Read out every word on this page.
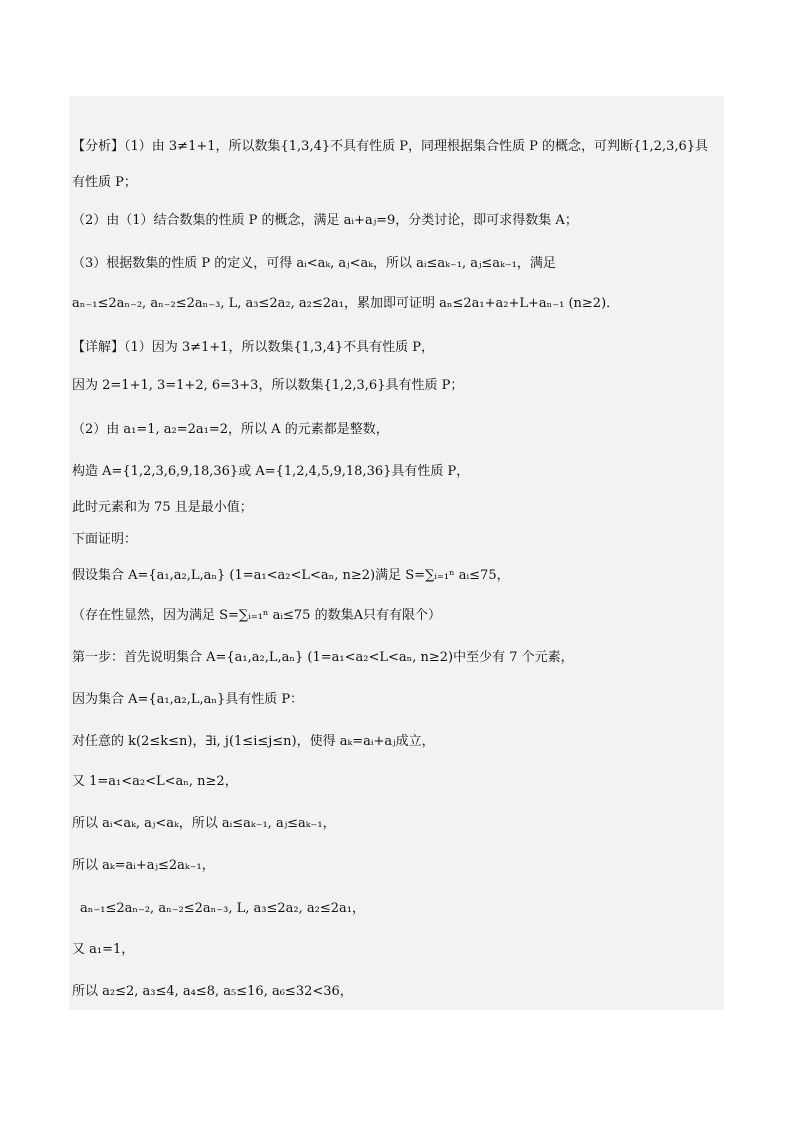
【分析】（1）由 3≠1+1，所以数集{1,3,4}不具有性质 P，同理根据集合性质 P 的概念，可判断{1,2,3,6}具
有性质 P；
（2）由（1）结合数集的性质 P 的概念，满足 aᵢ+aⱼ=9，分类讨论，即可求得数集 A；
（3）根据数集的性质 P 的定义，可得 aᵢ<aₖ, aⱼ<aₖ，所以 aᵢ≤aₖ₋₁, aⱼ≤aₖ₋₁，满足
aₙ₋₁≤2aₙ₋₂, aₙ₋₂≤2aₙ₋₃, L, a₃≤2a₂, a₂≤2a₁，累加即可证明 aₙ≤2a₁+a₂+L+aₙ₋₁ (n≥2)．
【详解】（1）因为 3≠1+1，所以数集{1,3,4}不具有性质 P，
因为 2=1+1, 3=1+2, 6=3+3，所以数集{1,2,3,6}具有性质 P；
（2）由 a₁=1, a₂=2a₁=2，所以 A 的元素都是整数，
构造 A={1,2,3,6,9,18,36}或 A={1,2,4,5,9,18,36}具有性质 P，
此时元素和为 75 且是最小值；
下面证明：
假设集合 A={a₁,a₂,L,aₙ} (1=a₁<a₂<L<aₙ, n≥2)满足 S=∑ᵢ₌₁ⁿ aᵢ≤75，
（存在性显然，因为满足 S=∑ᵢ₌₁ⁿ aᵢ≤75 的数集A只有有限个）
第一步：首先说明集合 A={a₁,a₂,L,aₙ} (1=a₁<a₂<L<aₙ, n≥2)中至少有 7 个元素，
因为集合 A={a₁,a₂,L,aₙ}具有性质 P：
对任意的 k(2≤k≤n)，∃i, j(1≤i≤j≤n)，使得 aₖ=aᵢ+aⱼ成立，
又 1=a₁<a₂<L<aₙ, n≥2，
所以 aᵢ<aₖ, aⱼ<aₖ，所以 aᵢ≤aₖ₋₁, aⱼ≤aₖ₋₁，
所以 aₖ=aᵢ+aⱼ≤2aₖ₋₁，
aₙ₋₁≤2aₙ₋₂, aₙ₋₂≤2aₙ₋₃, L, a₃≤2a₂, a₂≤2a₁，
又 a₁=1，
所以 a₂≤2, a₃≤4, a₄≤8, a₅≤16, a₆≤32<36，
